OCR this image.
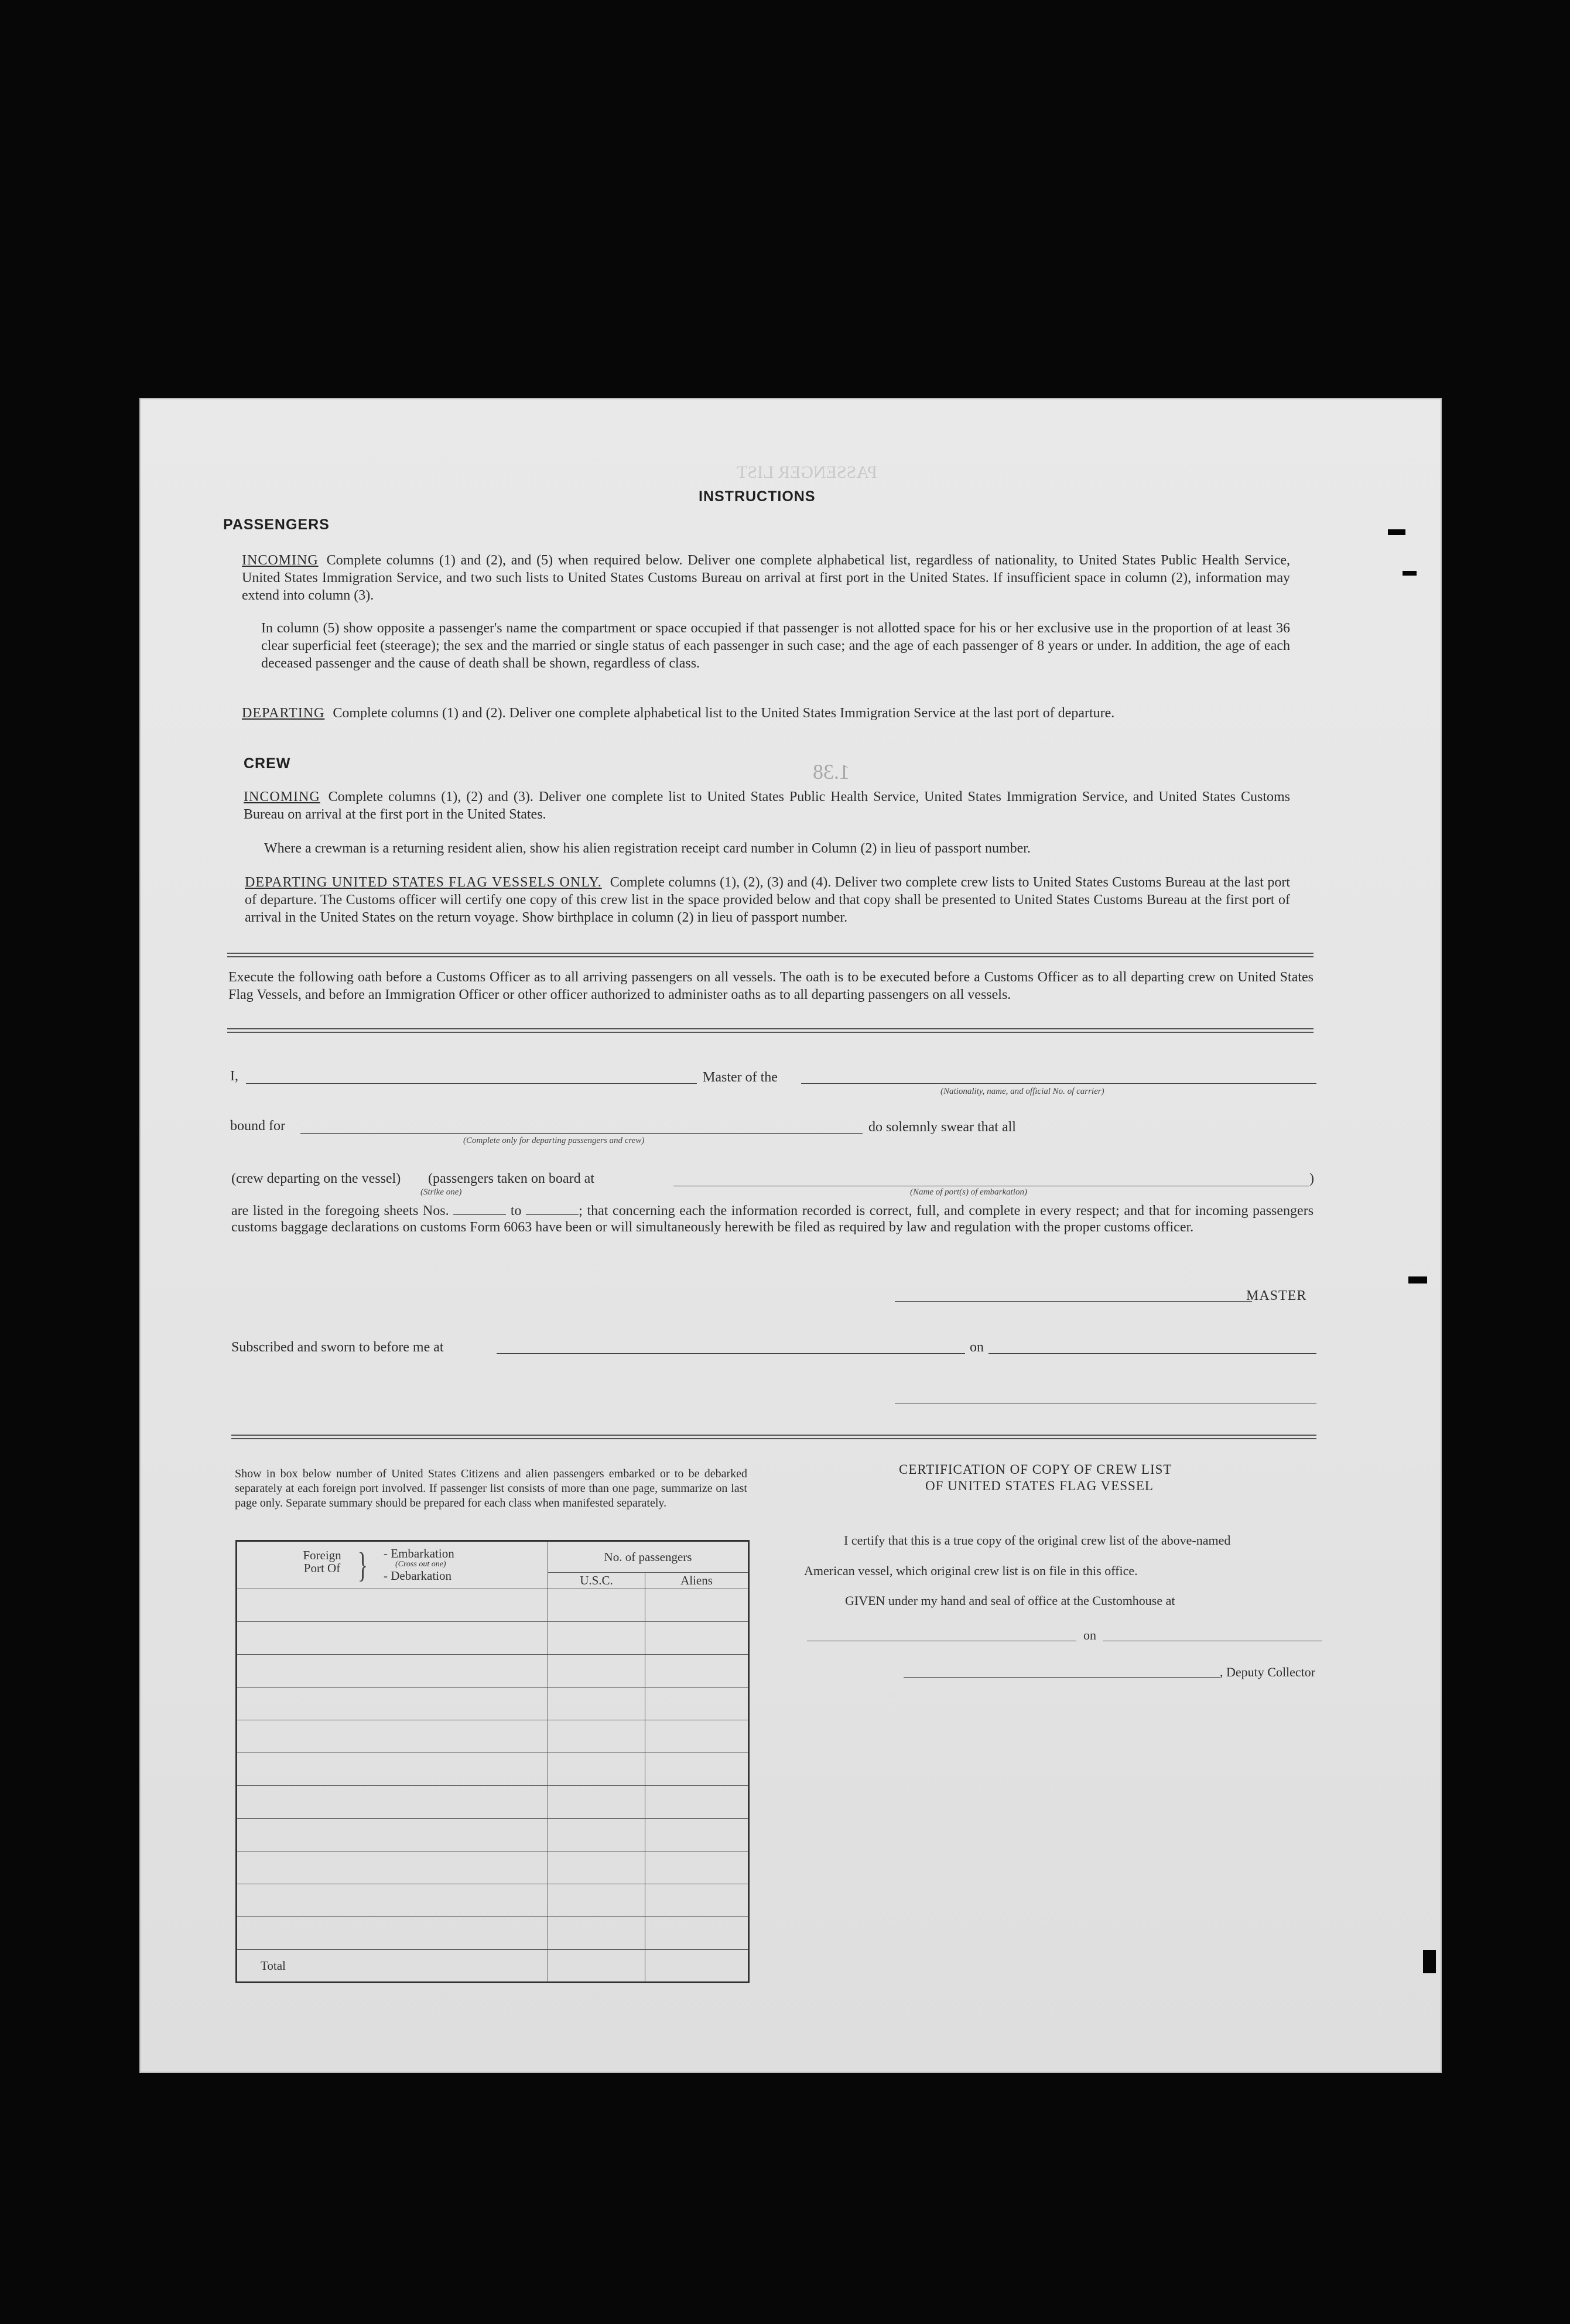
PASSENGER LIST
1.38
INSTRUCTIONS
PASSENGERS
INCOMING Complete columns (1) and (2), and (5) when required below. Deliver one complete alphabetical list, regardless of nationality, to United States Public Health Service, United States Immigration Service, and two such lists to United States Customs Bureau on arrival at first port in the United States. If insufficient space in column (2), information may extend into column (3).
In column (5) show opposite a passenger's name the compartment or space occupied if that passenger is not allotted space for his or her exclusive use in the proportion of at least 36 clear superficial feet (steerage); the sex and the married or single status of each passenger in such case; and the age of each passenger of 8 years or under. In addition, the age of each deceased passenger and the cause of death shall be shown, regardless of class.
DEPARTING Complete columns (1) and (2). Deliver one complete alphabetical list to the United States Immigration Service at the last port of departure.
CREW
INCOMING Complete columns (1), (2) and (3). Deliver one complete list to United States Public Health Service, United States Immigration Service, and United States Customs Bureau on arrival at the first port in the United States.
Where a crewman is a returning resident alien, show his alien registration receipt card number in Column (2) in lieu of passport number.
DEPARTING UNITED STATES FLAG VESSELS ONLY. Complete columns (1), (2), (3) and (4). Deliver two complete crew lists to United States Customs Bureau at the last port of departure. The Customs officer will certify one copy of this crew list in the space provided below and that copy shall be presented to United States Customs Bureau at the first port of arrival in the United States on the return voyage. Show birthplace in column (2) in lieu of passport number.
Execute the following oath before a Customs Officer as to all arriving passengers on all vessels. The oath is to be executed before a Customs Officer as to all departing crew on United States Flag Vessels, and before an Immigration Officer or other officer authorized to administer oaths as to all departing passengers on all vessels.
I,	Master of the
(Nationality, name, and official No. of carrier)
bound for
(Complete only for departing passengers and crew)
do solemnly swear that all
(crew departing on the vessel) (passengers taken on board at	)
(Strike one)	(Name of port(s) of embarkation)
are listed in the foregoing sheets Nos.	to	; that concerning each the information recorded is correct, full, and complete in every respect; and that for incoming passengers customs baggage declarations on customs Form 6063 have been or will simultaneously herewith be filed as required by law and regulation with the proper customs officer.
MASTER
Subscribed and sworn to before me at	on
Show in box below number of United States Citizens and alien passengers embarked or to be debarked separately at each foreign port involved. If passenger list consists of more than one page, summarize on last page only. Separate summary should be prepared for each class when manifested separately.
Foreign Port Of } - Embarkation
(Cross out one)
- Debarkation	No. of passengers	
	U.S.C.	Aliens

Total		
CERTIFICATION OF COPY OF CREW LIST
OF UNITED STATES FLAG VESSEL
I certify that this is a true copy of the original crew list of the above-named
American vessel, which original crew list is on file in this office.
GIVEN under my hand and seal of office at the Customhouse at
on
, Deputy Collector
